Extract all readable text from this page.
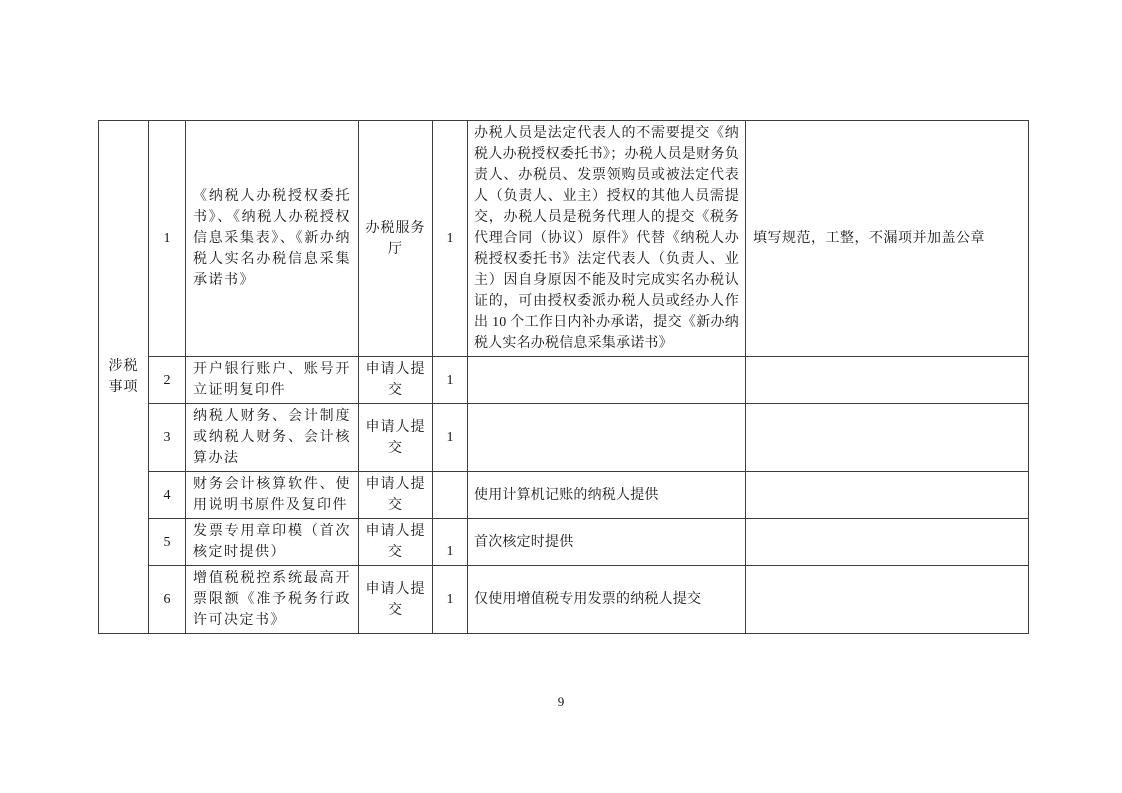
涉税事项	1	《纳税人办税授权委托书》、《纳税人办税授权信息采集表》、《新办纳税人实名办税信息采集承诺书》	办税服务厅	1	办税人员是法定代表人的不需要提交《纳税人办税授权委托书》；办税人员是财务负责人、办税员、发票领购员或被法定代表人（负责人、业主）授权的其他人员需提交，办税人员是税务代理人的提交《税务代理合同（协议）原件》代替《纳税人办税授权委托书》法定代表人（负责人、业主）因自身原因不能及时完成实名办税认证的，可由授权委派办税人员或经办人作出 10 个工作日内补办承诺，提交《新办纳税人实名办税信息采集承诺书》	填写规范，工整，不漏项并加盖公章
	2	开户银行账户、账号开立证明复印件	申请人提交	1		
	3	纳税人财务、会计制度或纳税人财务、会计核算办法	申请人提交	1		
	4	财务会计核算软件、使用说明书原件及复印件	申请人提交		使用计算机记账的纳税人提供	
	5	发票专用章印模（首次核定时提供）	申请人提交	1	首次核定时提供	
	6	增值税税控系统最高开票限额《准予税务行政许可决定书》	申请人提交	1	仅使用增值税专用发票的纳税人提交	
9
